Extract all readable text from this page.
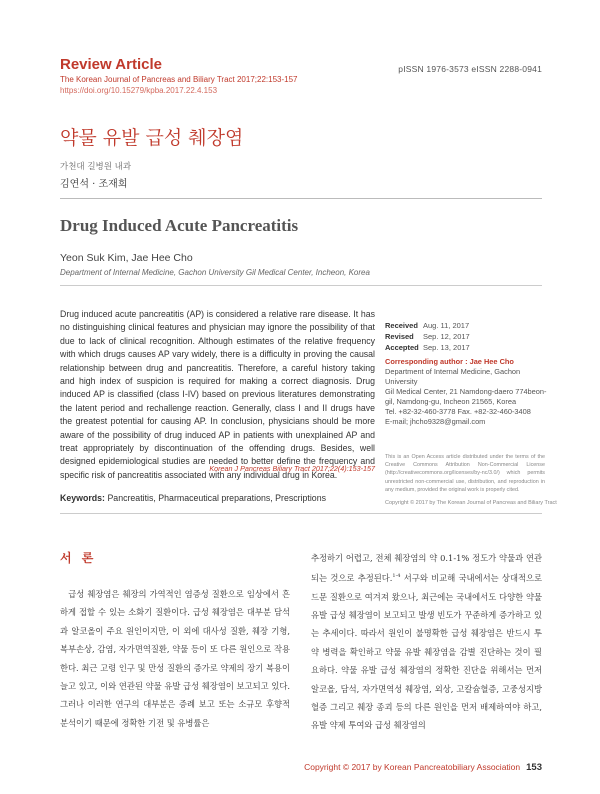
Review Article	pISSN 1976-3573 eISSN 2288-0941
The Korean Journal of Pancreas and Biliary Tract 2017;22:153-157
https://doi.org/10.15279/kpba.2017.22.4.153
약물 유발 급성 췌장염
가천대 길병원 내과
김연석 · 조재희
Drug Induced Acute Pancreatitis
Yeon Suk Kim, Jae Hee Cho
Department of Internal Medicine, Gachon University Gil Medical Center, Incheon, Korea
Drug induced acute pancreatitis (AP) is considered a relative rare disease. It has no distinguishing clinical features and physician may ignore the possibility of that due to lack of clinical recognition. Although estimates of the relative frequency with which drugs causes AP vary widely, there is a difficulty in proving the causal relationship between drug and pancreatitis. Therefore, a careful history taking and high index of suspicion is required for making a correct diagnosis. Drug induced AP is classified (class I-IV) based on previous literatures demonstrating the latent period and rechallenge reaction. Generally, class I and II drugs have the greatest potential for causing AP. In conclusion, physicians should be more aware of the possibility of drug induced AP in patients with unexplained AP and treat appropriately by discontinuation of the offending drugs. Besides, well designed epidemiological studies are needed to better define the frequency and specific risk of pancreatitis associated with any individual drug in Korea.
Korean J Pancreas Biliary Tract 2017;22(4):153-157
Received Aug. 11, 2017
Revised Sep. 12, 2017
Accepted Sep. 13, 2017
Corresponding author : Jae Hee Cho
Department of Internal Medicine, Gachon University
Gil Medical Center, 21 Namdong-daero 774beon-
gil, Namdong-gu, Incheon 21565, Korea
Tel. +82-32-460-3778 Fax. +82-32-460-3408
E-mail; jhcho9328@gmail.com
This is an Open Access article distributed under the terms of the Creative Commons Attribution Non-Commercial License (http://creativecommons.org/licenses/by-nc/3.0/) which permits unrestricted non-commercial use, distribution, and reproduction in any medium, provided the original work is properly cited.
Copyright © 2017 by The Korean Journal of Pancreas and Biliary Tract
Keywords: Pancreatitis, Pharmaceutical preparations, Prescriptions
서 론
급성 췌장염은 췌장의 가역적인 염증성 질환으로 임상에서 흔하게 접할 수 있는 소화기 질환이다. 급성 췌장염은 대부분 담석과 알코올이 주요 원인이지만, 이 외에 대사성 질환, 췌장 기형, 복부손상, 감염, 자가면역질환, 약물 등이 또 다른 원인으로 작용한다. 최근 고령 인구 및 만성 질환의 증가로 약제의 장기 복용이 늘고 있고, 이와 연관된 약물 유발 급성 췌장염이 보고되고 있다. 그러나 이러한 연구의 대부분은 증례 보고 또는 소규모 후향적 분석이기 때문에 정확한 기전 및 유병률은
추정하기 어렵고, 전체 췌장염의 약 0.1-1% 정도가 약물과 연관되는 것으로 추정된다.$^{1-4}$ 서구와 비교해 국내에서는 상대적으로 드문 질환으로 여겨져 왔으나, 최근에는 국내에서도 다양한 약물 유발 급성 췌장염이 보고되고 발생 빈도가 꾸준하게 증가하고 있는 추세이다. 따라서 원인이 불명확한 급성 췌장염은 반드시 투약 병력을 확인하고 약물 유발 췌장염을 감별 진단하는 것이 필요하다. 약물 유발 급성 췌장염의 정확한 진단을 위해서는 먼저 알코올, 담석, 자가면역성 췌장염, 외상, 고칼슘혈증, 고중성지방혈증 그리고 췌장 종괴 등의 다른 원인을 먼저 배제하여야 하고, 유발 약제 투여와 급성 췌장염의
Copyright © 2017 by Korean Pancreatobiliary Association 153
